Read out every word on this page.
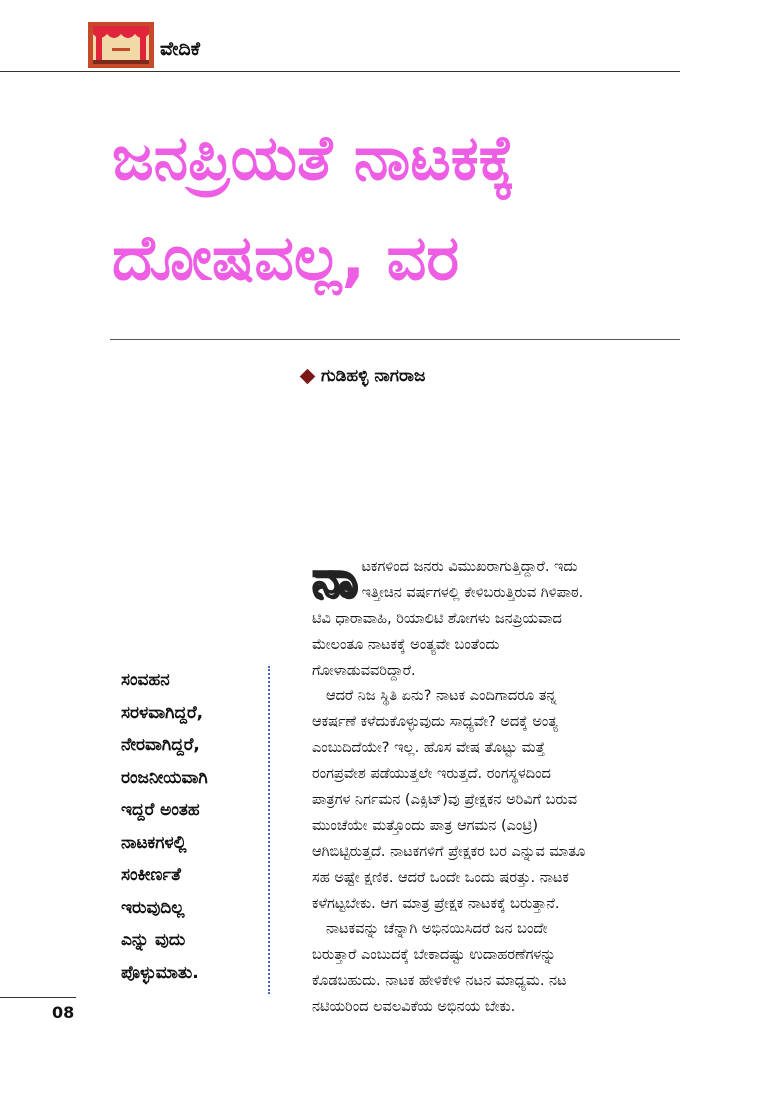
ವೇದಿಕೆ
ಜನಪ್ರಿಯತೆ ನಾಟಕಕ್ಕೆ
ದೋಷವಲ್ಲ, ವರ
ಗುಡಿಹಳ್ಳಿ ನಾಗರಾಜ
ಸಂವಹನ
ಸರಳವಾಗಿದ್ದರೆ,
ನೇರವಾಗಿದ್ದರೆ,
ರಂಜನೀಯವಾಗಿ
ಇದ್ದರೆ ಅಂತಹ
ನಾಟಕಗಳಲ್ಲಿ
ಸಂಕೀರ್ಣತೆ
ಇರುವುದಿಲ್ಲ
ಎನ್ನು ವುದು
ಪೊಳ್ಳುಮಾತು.
ನಾ ಟಕಗಳಿಂದ ಜನರು ವಿಮುಖರಾಗುತ್ತಿದ್ದಾರೆ. ಇದು
ಇತ್ತೀಚಿನ ವರ್ಷಗಳಲ್ಲಿ ಕೇಳಿಬರುತ್ತಿರುವ ಗಿಳಿಪಾಠ.
ಟಿವಿ ಧಾರಾವಾಹಿ, ರಿಯಾಲಿಟಿ ಶೋಗಳು ಜನಪ್ರಿಯವಾದ
ಮೇಲಂತೂ ನಾಟಕಕ್ಕೆ ಅಂತ್ಯವೇ ಬಂತೆಂದು
ಗೋಳಾಡುವವರಿದ್ದಾರೆ.
ಆದರೆ ನಿಜ ಸ್ಥಿತಿ ಏನು? ನಾಟಕ ಎಂದಿಗಾದರೂ ತನ್ನ
ಆಕರ್ಷಣೆ ಕಳೆದುಕೊಳ್ಳುವುದು ಸಾಧ್ಯವೇ? ಅದಕ್ಕೆ ಅಂತ್ಯ
ಎಂಬುದಿದೆಯೇ? ಇಲ್ಲ. ಹೊಸ ವೇಷ ತೊಟ್ಟು ಮತ್ತೆ
ರಂಗಪ್ರವೇಶ ಪಡೆಯುತ್ತಲೇ ಇರುತ್ತದೆ. ರಂಗಸ್ಥಳದಿಂದ
ಪಾತ್ರಗಳ ನಿರ್ಗಮನ (ಎಕ್ಸಿಟ್)ವು ಪ್ರೇಕ್ಷಕನ ಅರಿವಿಗೆ ಬರುವ
ಮುಂಚೆಯೇ ಮತ್ತೊಂದು ಪಾತ್ರ ಆಗಮನ (ಎಂಟ್ರಿ)
ಆಗಿಬಿಟ್ಟಿರುತ್ತದೆ. ನಾಟಕಗಳಿಗೆ ಪ್ರೇಕ್ಷಕರ ಬರ ಎನ್ನುವ ಮಾತೂ
ಸಹ ಅಷ್ಟೇ ಕ್ಷಣಿಕ. ಆದರೆ ಒಂದೇ ಒಂದು ಷರತ್ತು. ನಾಟಕ
ಕಳೆಗಟ್ಟಬೇಕು. ಆಗ ಮಾತ್ರ ಪ್ರೇಕ್ಷಕ ನಾಟಕಕ್ಕೆ ಬರುತ್ತಾನೆ.
ನಾಟಕವನ್ನು ಚೆನ್ನಾಗಿ ಅಭಿನಯಿಸಿದರೆ ಜನ ಬಂದೇ
ಬರುತ್ತಾರೆ ಎಂಬುದಕ್ಕೆ ಬೇಕಾದಷ್ಟು ಉದಾಹರಣೆಗಳನ್ನು
ಕೊಡಬಹುದು. ನಾಟಕ ಹೇಳಿಕೇಳಿ ನಟನ ಮಾಧ್ಯಮ. ನಟ
ನಟಿಯರಿಂದ ಲವಲವಿಕೆಯ ಅಭಿನಯ ಬೇಕು.
08
